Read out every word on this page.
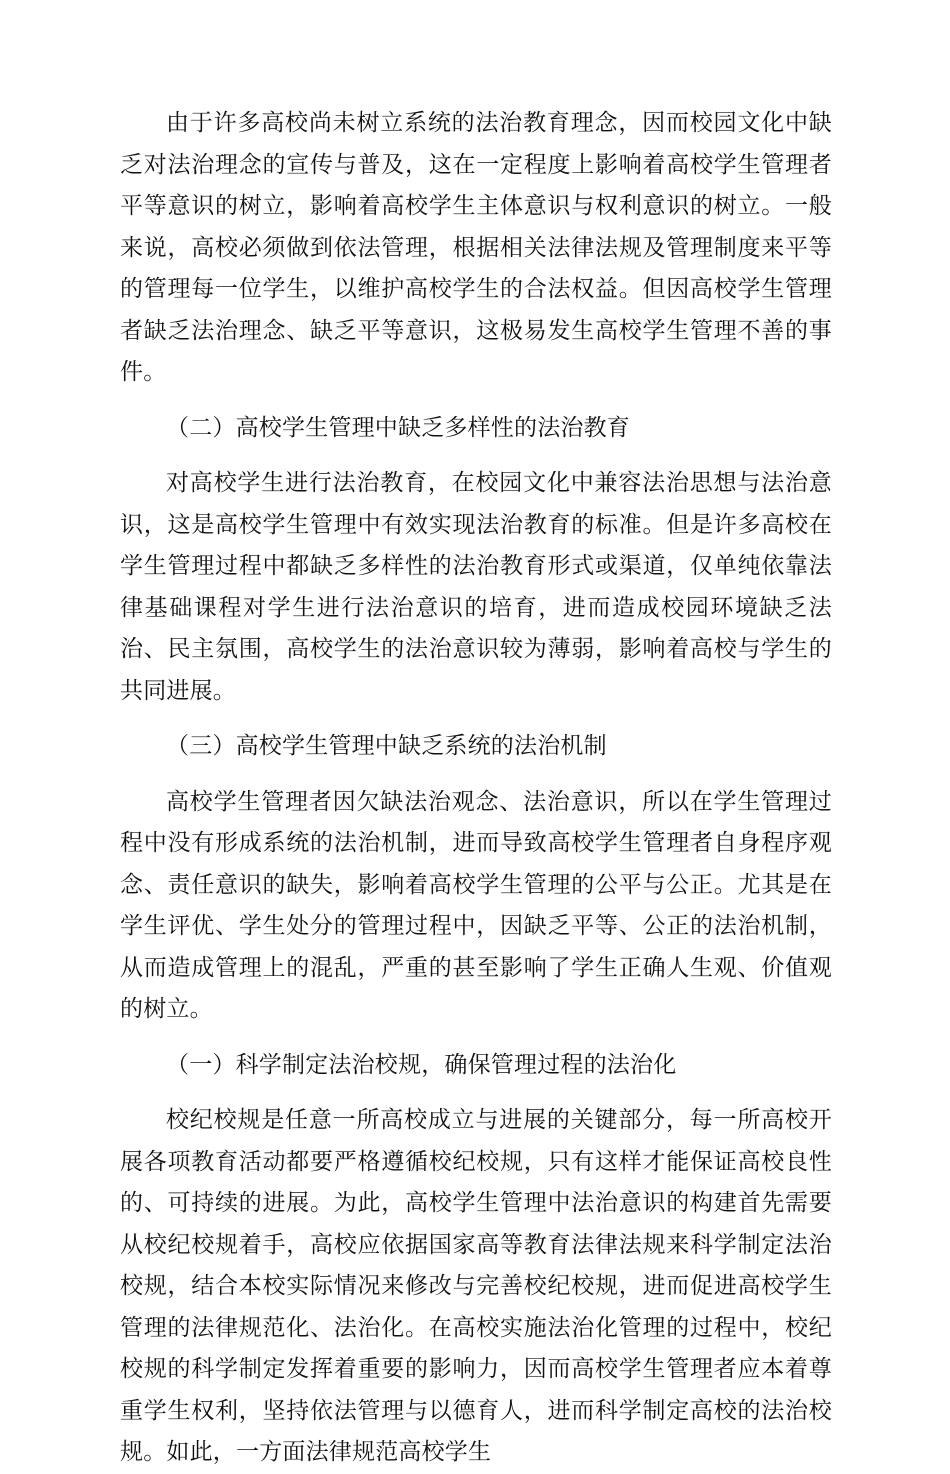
由于许多高校尚未树立系统的法治教育理念，因而校园文化中缺乏对法治理念的宣传与普及，这在一定程度上影响着高校学生管理者平等意识的树立，影响着高校学生主体意识与权利意识的树立。一般来说，高校必须做到依法管理，根据相关法律法规及管理制度来平等的管理每一位学生，以维护高校学生的合法权益。但因高校学生管理者缺乏法治理念、缺乏平等意识，这极易发生高校学生管理不善的事件。

（二）高校学生管理中缺乏多样性的法治教育

对高校学生进行法治教育，在校园文化中兼容法治思想与法治意识，这是高校学生管理中有效实现法治教育的标准。但是许多高校在学生管理过程中都缺乏多样性的法治教育形式或渠道，仅单纯依靠法律基础课程对学生进行法治意识的培育，进而造成校园环境缺乏法治、民主氛围，高校学生的法治意识较为薄弱，影响着高校与学生的共同进展。

（三）高校学生管理中缺乏系统的法治机制

高校学生管理者因欠缺法治观念、法治意识，所以在学生管理过程中没有形成系统的法治机制，进而导致高校学生管理者自身程序观念、责任意识的缺失，影响着高校学生管理的公平与公正。尤其是在学生评优、学生处分的管理过程中，因缺乏平等、公正的法治机制，从而造成管理上的混乱，严重的甚至影响了学生正确人生观、价值观的树立。

（一）科学制定法治校规，确保管理过程的法治化

校纪校规是任意一所高校成立与进展的关键部分，每一所高校开展各项教育活动都要严格遵循校纪校规，只有这样才能保证高校良性的、可持续的进展。为此，高校学生管理中法治意识的构建首先需要从校纪校规着手，高校应依据国家高等教育法律法规来科学制定法治校规，结合本校实际情况来修改与完善校纪校规，进而促进高校学生管理的法律规范化、法治化。在高校实施法治化管理的过程中，校纪校规的科学制定发挥着重要的影响力，因而高校学生管理者应本着尊重学生权利，坚持依法管理与以德育人，进而科学制定高校的法治校规。如此，一方面法律规范高校学生
